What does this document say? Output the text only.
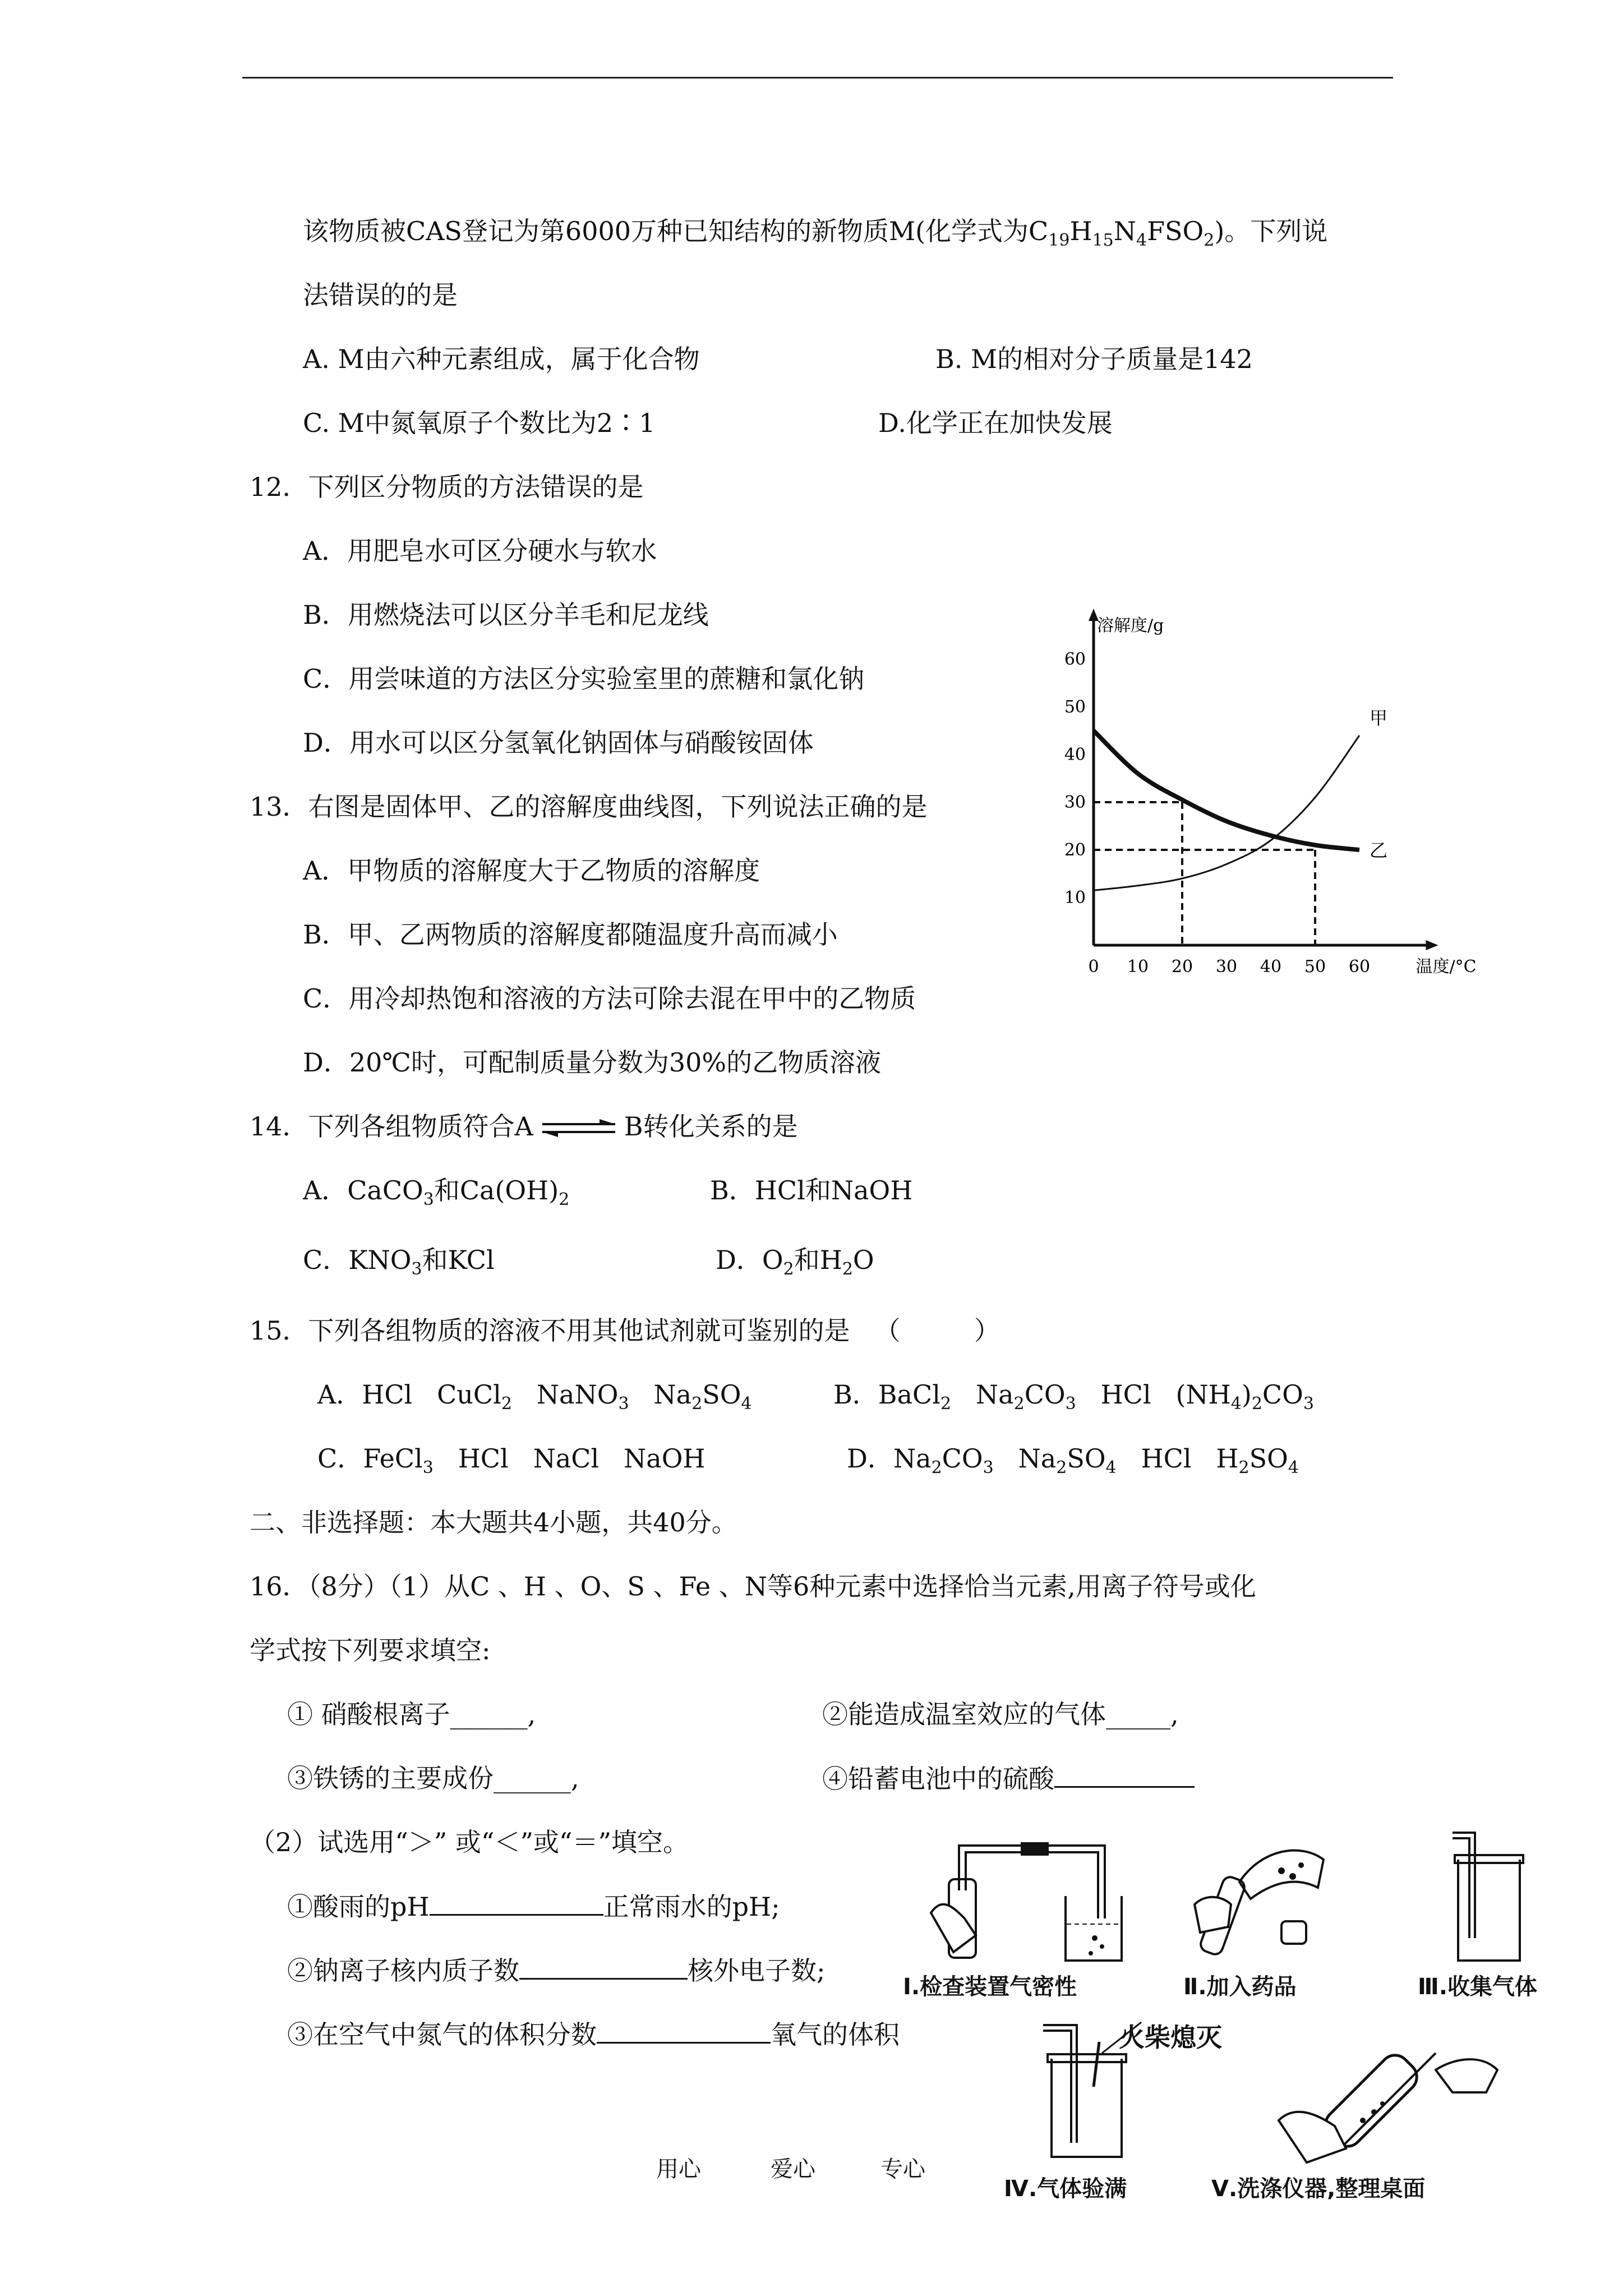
该物质被CAS登记为第6000万种已知结构的新物质M(化学式为$C_{19}H_{15}N_4FSO_2$)。下列说
法错误的的是
A. M由六种元素组成，属于化合物	B. M的相对分子质量是142
C. M中氮氧原子个数比为2∶1	D.化学正在加快发展
12．下列区分物质的方法错误的是
A．用肥皂水可区分硬水与软水
B．用燃烧法可以区分羊毛和尼龙线
C．用尝味道的方法区分实验室里的蔗糖和氯化钠
D．用水可以区分氢氧化钠固体与硝酸铵固体
13．右图是固体甲、乙的溶解度曲线图，下列说法正确的是
A．甲物质的溶解度大于乙物质的溶解度
B．甲、乙两物质的溶解度都随温度升高而减小
C．用冷却热饱和溶液的方法可除去混在甲中的乙物质
D．20℃时，可配制质量分数为30%的乙物质溶液
0 10 20 30 40 50 60
10
20
30
40
50
60
溶解度/g
温度/°C
甲
乙
14．下列各组物质符合A ⇌ B转化关系的是
A．CaCO$_3$和$Ca(OH)_2$	B．HCl和NaOH
C．$KNO_3$和KCl	D．$O_2$和$H_2O$
15．下列各组物质的溶液不用其他试剂就可鉴别的是   （         ）
A．HCl   CuCl$_2$   NaNO$_3$   $Na_2SO_4$	B．BaCl$_2$   $Na_2CO_3$   HCl   $(NH_4)_2CO_3$
C．FeCl$_3$   HCl   NaCl   NaOH	D．$Na_2CO_3$   $Na_2SO_4$   HCl   $H_2SO_4$
二、非选择题：本大题共4小题，共40分。
16．（8分）（1）从C 、H 、O、S 、Fe 、N等6种元素中选择恰当元素,用离子符号或化
学式按下列要求填空:
① 硝酸根离子______,	②能造成温室效应的气体_____,
③铁锈的主要成份______,	④铅蓄电池中的硫酸
（2）试选用“＞” 或“＜”或“＝”填空。
①酸雨的pH	正常雨水的pH;
②钠离子核内质子数	核外电子数;
③在空气中氮气的体积分数	氧气的体积
Ⅰ.检查装置气密性	Ⅱ.加入药品	Ⅲ.收集气体
火柴熄灭
Ⅳ.气体验满	Ⅴ.洗涤仪器,整理桌面
用心	爱心	专心
